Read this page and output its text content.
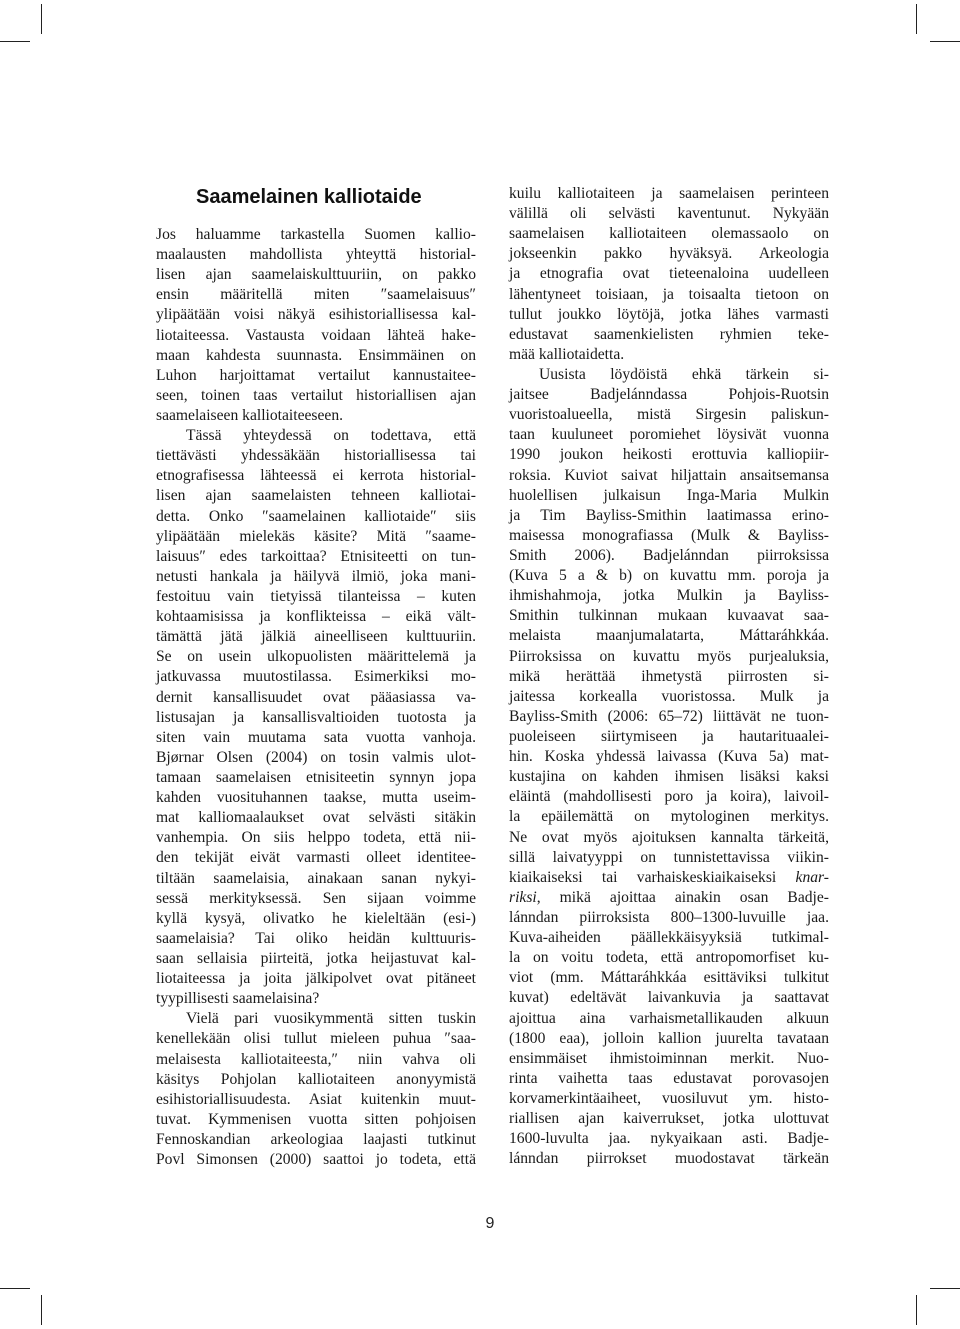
Saamelainen kalliotaide
Jos haluamme tarkastella Suomen kallio-
maalausten mahdollista yhteyttä historial-
lisen ajan saamelaiskulttuuriin, on pakko
ensin määritellä miten ″saamelaisuus″
ylipäätään voisi näkyä esihistoriallisessa kal-
liotaiteessa. Vastausta voidaan lähteä hake-
maan kahdesta suunnasta. Ensimmäinen on
Luhon harjoittamat vertailut kannustaitee-
seen, toinen taas vertailut historiallisen ajan
saamelaiseen kalliotaiteeseen.
Tässä yhteydessä on todettava, että
tiettävästi yhdessäkään historiallisessa tai
etnografisessa lähteessä ei kerrota historial-
lisen ajan saamelaisten tehneen kalliotai-
detta. Onko ″saamelainen kalliotaide″ siis
ylipäätään mielekäs käsite? Mitä ″saame-
laisuus″ edes tarkoittaa? Etnisiteetti on tun-
netusti hankala ja häilyvä ilmiö, joka mani-
festoituu vain tietyissä tilanteissa – kuten
kohtaamisissa ja konflikteissa – eikä vält-
tämättä jätä jälkiä aineelliseen kulttuuriin.
Se on usein ulkopuolisten määrittelemä ja
jatkuvassa muutostilassa. Esimerkiksi mo-
dernit kansallisuudet ovat pääasiassa va-
listusajan ja kansallisvaltioiden tuotosta ja
siten vain muutama sata vuotta vanhoja.
Bjørnar Olsen (2004) on tosin valmis ulot-
tamaan saamelaisen etnisiteetin synnyn jopa
kahden vuosituhannen taakse, mutta useim-
mat kalliomaalaukset ovat selvästi sitäkin
vanhempia. On siis helppo todeta, että nii-
den tekijät eivät varmasti olleet identitee-
tiltään saamelaisia, ainakaan sanan nykyi-
sessä merkityksessä. Sen sijaan voimme
kyllä kysyä, olivatko he kieleltään (esi-)
saamelaisia? Tai oliko heidän kulttuuris-
saan sellaisia piirteitä, jotka heijastuvat kal-
liotaiteessa ja joita jälkipolvet ovat pitäneet
tyypillisesti saamelaisina?
Vielä pari vuosikymmentä sitten tuskin
kenellekään olisi tullut mieleen puhua ″saa-
melaisesta kalliotaiteesta,″ niin vahva oli
käsitys Pohjolan kalliotaiteen anonyymistä
esihistoriallisuudesta. Asiat kuitenkin muut-
tuvat. Kymmenisen vuotta sitten pohjoisen
Fennoskandian arkeologiaa laajasti tutkinut
Povl Simonsen (2000) saattoi jo todeta, että
kuilu kalliotaiteen ja saamelaisen perinteen
välillä oli selvästi kaventunut. Nykyään
saamelaisen kalliotaiteen olemassaolo on
jokseenkin pakko hyväksyä. Arkeologia
ja etnografia ovat tieteenaloina uudelleen
lähentyneet toisiaan, ja toisaalta tietoon on
tullut joukko löytöjä, jotka lähes varmasti
edustavat saamenkielisten ryhmien teke-
mää kalliotaidetta.
Uusista löydöistä ehkä tärkein si-
jaitsee Badjelánndassa Pohjois-Ruotsin
vuoristoalueella, mistä Sirgesin paliskun-
taan kuuluneet poromiehet löysivät vuonna
1990 joukon heikosti erottuvia kalliopiir-
roksia. Kuviot saivat hiljattain ansaitsemansa
huolellisen julkaisun Inga-Maria Mulkin
ja Tim Bayliss-Smithin laatimassa erino-
maisessa monografiassa (Mulk & Bayliss-
Smith 2006). Badjelánndan piirroksissa
(Kuva 5 a & b) on kuvattu mm. poroja ja
ihmishahmoja, jotka Mulkin ja Bayliss-
Smithin tulkinnan mukaan kuvaavat saa-
melaista maanjumalatarta, Máttaráhkkáa.
Piirroksissa on kuvattu myös purjealuksia,
mikä herättää ihmetystä piirrosten si-
jaitessa korkealla vuoristossa. Mulk ja
Bayliss-Smith (2006: 65–72) liittävät ne tuon-
puoleiseen siirtymiseen ja hautarituaalei-
hin. Koska yhdessä laivassa (Kuva 5a) mat-
kustajina on kahden ihmisen lisäksi kaksi
eläintä (mahdollisesti poro ja koira), laivoil-
la epäilemättä on mytologinen merkitys.
Ne ovat myös ajoituksen kannalta tärkeitä,
sillä laivatyyppi on tunnistettavissa viikin-
kiaikaiseksi tai varhaiskeskiaikaiseksi knar-
riksi, mikä ajoittaa ainakin osan Badje-
lánndan piirroksista 800–1300-luvuille jaa.
Kuva-aiheiden päällekkäisyyksiä tutkimal-
la on voitu todeta, että antropomorfiset ku-
viot (mm. Máttaráhkkáa esittäviksi tulkitut
kuvat) edeltävät laivankuvia ja saattavat
ajoittua aina varhaismetallikauden alkuun
(1800 eaa), jolloin kallion juurelta tavataan
ensimmäiset ihmistoiminnan merkit. Nuo-
rinta vaihetta taas edustavat porovasojen
korvamerkintäaiheet, vuosiluvut ym. histo-
riallisen ajan kaiverrukset, jotka ulottuvat
1600-luvulta jaa. nykyaikaan asti. Badje-
lánndan piirrokset muodostavat tärkeän
9
